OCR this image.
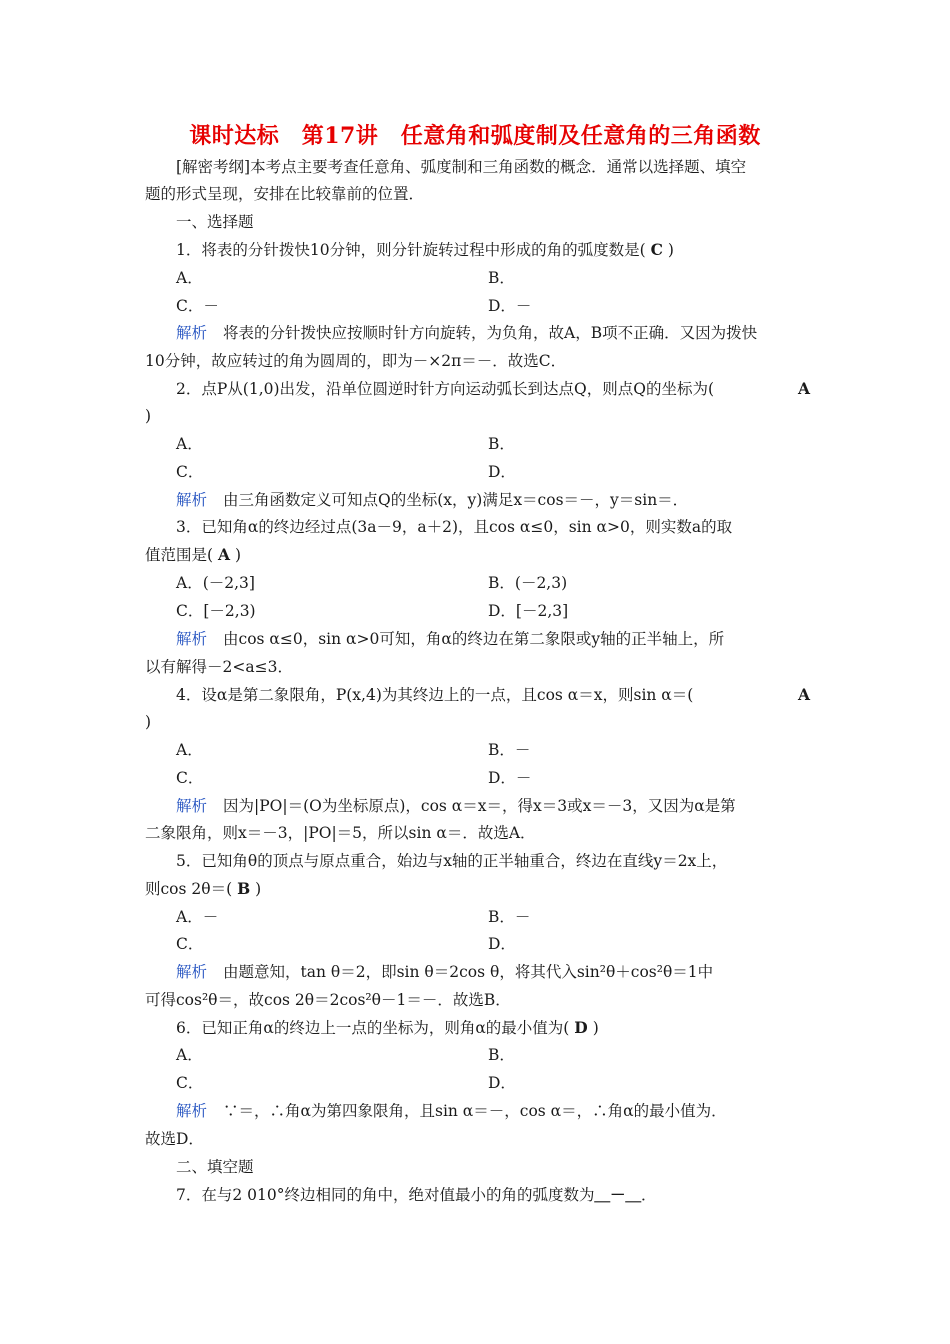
课时达标　第17讲　任意角和弧度制及任意角的三角函数
[解密考纲]本考点主要考查任意角、弧度制和三角函数的概念．通常以选择题、填空
题的形式呈现，安排在比较靠前的位置．
一、选择题
1．将表的分针拨快10分钟，则分针旋转过程中形成的角的弧度数是( C )
A．	B．
C．－	D．－
解析 将表的分针拨快应按顺时针方向旋转，为负角，故A，B项不正确．又因为拨快
10分钟，故应转过的角为圆周的，即为－×2π＝－．故选C．
2．点P从(1,0)出发，沿单位圆逆时针方向运动弧长到达点Q，则点Q的坐标为(	A
)
A．	B．
C．	D．
解析 由三角函数定义可知点Q的坐标(x，y)满足x＝cos＝－，y＝sin＝．
3．已知角α的终边经过点(3a－9，a＋2)，且cos α≤0，sin α>0，则实数a的取
值范围是( A )
A．(－2,3]	B．(－2,3)
C．[－2,3)	D．[－2,3]
解析 由cos α≤0，sin α>0可知，角α的终边在第二象限或y轴的正半轴上，所
以有解得－2<a≤3．
4．设α是第二象限角，P(x,4)为其终边上的一点，且cos α＝x，则sin α＝(	A
)
A．	B．－
C．	D．－
解析 因为|PO|＝(O为坐标原点)，cos α＝x＝，得x＝3或x＝－3，又因为α是第
二象限角，则x＝－3，|PO|＝5，所以sin α＝．故选A．
5．已知角θ的顶点与原点重合，始边与x轴的正半轴重合，终边在直线y＝2x上，
则cos 2θ＝( B )
A．－	B．－
C．	D．
解析 由题意知，tan θ＝2，即sin θ＝2cos θ，将其代入sin²θ＋cos²θ＝1中
可得cos²θ＝，故cos 2θ＝2cos²θ－1＝－．故选B．
6．已知正角α的终边上一点的坐标为，则角α的最小值为( D )
A．	B．
C．	D．
解析 ∵＝，∴角α为第四象限角，且sin α＝－，cos α＝，∴角α的最小值为．
故选D．
二、填空题
7．在与2 010°终边相同的角中，绝对值最小的角的弧度数为＿－＿．
